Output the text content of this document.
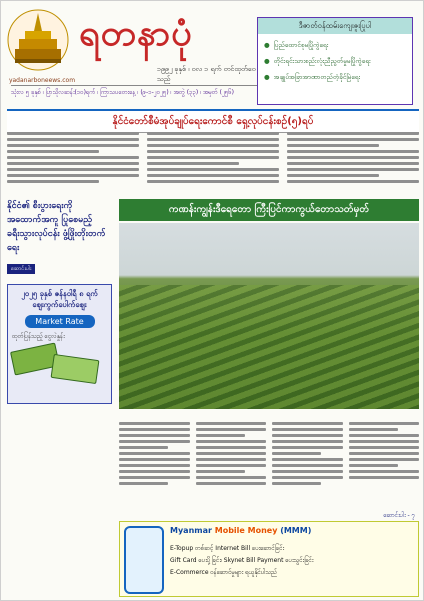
yadanarboneews.com
ရတနာပုံ
၁၉၉၂ ခုနှစ် ၊ ဝလ ၁ ရက် တင်ထုတ်ဝေသည်
သုံးလ ၅ ခုနှစ် ၊ ပြာသိုလဆန်း(၁၀)ရက် ၊ ကြာသပတေးနေ့ ၊ (၉-၁-၂၀၂၅) ၊ အတွဲ (၃၃) ၊ အမှတ် (၂၅၆)
ဒီဇာတ်ဝန်ထမ်းကျေးဇူးပြုပါ
● ပြည်ထောင်စုမပြိုကွဲရေး
● တိုင်းရင်းသားစည်းလုံးညီညွတ်မှုမပြိုကွဲရေး
● အချုပ်အခြာအာဏာတည်တံ့ခိုင်မြဲရေး
နိုင်ငံတော်စီမံအုပ်ချုပ်ရေးကောင်စီ ရှေ့လုပ်ငန်းစဉ်(၅)ရပ်
နိုင်ငံ၏ စီးပွားရေးကို အထောက်အကူ ပြုစေမည့် ခရီးသွားလုပ်ငန်း ဖွံ့ဖြိုးတိုးတက်ရေး
ဆောင်းပါး
၂၀၂၅ ခုနှစ် ဇန်နဝါရီ ၈ ရက် ဈေးကွက်ပေါက်ဈေး
Market Rate
ထုတ်ပြန်သည့် ငွေလဲနှုန်း
ကဏန်းကျွန်းဒီရေတော ကြီးပြင်ကာကွယ်တောသတ်မှတ်
ဆောင်းပါး - ၇
Myanmar Mobile Money (MMM)
E-Topup တစ်ဆင့် Internet Bill ပေးဆောင်ခြင်း
Gift Card ပေးပို့ခြင်း၊ Skynet Bill Payment ပေးသွင်းခြင်း
E-Commerce ဝန်ဆောင်မှုများ ရယူနိုင်ပါသည်
